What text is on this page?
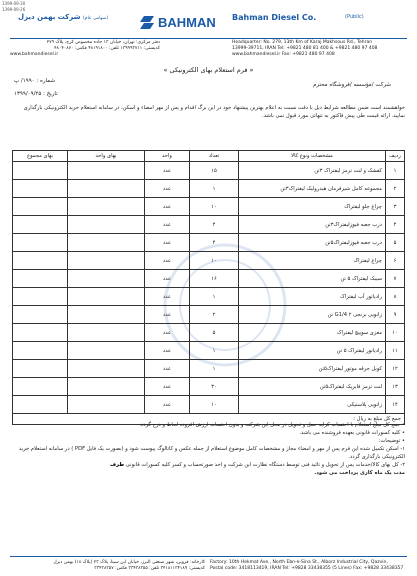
1399-09-30
1399-09-26
(سهامی عام) شرکت بهمن دیزل	BAHMAN Bahman Diesel Co.	(Public)
دفتر مرکزی: تهران، خیابان ۱۳ جاده مخصوص کرج، پلاک ۲۷۹
کدپستی: ۱۳۹۹۹۳۷۱۱ تلفن: ۴۸۱۹۱۸۰۰ فکس: ۴۸۰۴۰۸۷۰
www.bahmandiesel.ir
Headquarter: No. 279, 13th Km of Karaj Makhsous Rd., Tehran
13999-39711, IRAN Tel: +9821 480 81 400 & +9821 480 97 408
www.bahmandiesel.ir Fax: +9821 480 97 408
« فرم استعلام بهای الکترونیکی »
شرکت /مؤسسه /فروشگاه محترم
شماره : ۱۹۹۰/ پ
تاریخ : ۱۳۹۹/۰۹/۲۵
خواهشمند است ضمن مطالعه شرایط ذیل با دقت نسبت به اعلام بهترین پیشنهاد خود در این برگ اقدام و پس از مهر امضاء و اسکن، در سامانه استعلام خرید الکترونیکی بارگذاری نمایید. ارائه قیمت طی پیش فاکتور به تنهائی مورد قبول نمی باشد.
ردیف	مشخصات ونوع کالا	تعداد	واحد	بهای واحد	بهای مجموع
۱	کفشک و لنت ترمز لیفتراک ۳تن	۱۵	عدد		
۲	مجموعه کامل شیرفرمان هیدرولیک لیفتراک۳تن	۱	عدد		
۳	چراغ جلو لیفتراک	۱۰	عدد		
۴	درب جعبه فیوزلیفتراک۳تن	۴	عدد		
۵	درب جعبه فیوزلیفتراک۵تن	۴	عدد		
۶	چراغ لیفتراک	۱۰	عدد		
۷	سیبک لیفتراک ۵ تن	۱۶	عدد		
۸	رادیاتور آب لیفتراک	۱	عدد		
۹	زانویی برنجی G1/4 ۲ تن	۲	عدد		
۱۰	مغزی سوییچ لیفتراک	۵	عدد		
۱۱	رادیاتور لیفتراک ۵ تن	۱	عدد		
۱۲	کویل جرقه موتور لیفتراک۵تن	۱	عدد		
۱۳	لنت ترمز فابریک لیفتراک۵تن	۳۰	عدد		
۱۴	زانویی پلاستیکی	۱۰	عدد		
جمع کل مبلغ به ریال :					
• جمع کل مبلغ استعلام با احتساب کرایه حمل و تحویل در محل این شرکت و بدون احتساب ارزش افزوده لحاظ و درج گردد.
• کلیه کسورات قانونی بعهده فروشنده می باشد.
• توضیحات:
۱- اسکن تکمیل شده این فرم پس از مهر و امضاء مجاز و مشخصات کامل موضوع استعلام از جمله عکس و کاتالوگ پیوست شود و (بصورت یک فایل PDF ) در سامانه استعلام خرید الکترونیکی بارگذاری گردد.
۲- کل بهای کالا/خدمات پس از تحویل و تائید فنی توسط دستگاه نظارت این شرکت و اخذ صورتحساب و کسر کلیه کسورات قانونی ظرف
مدت یک ماه کاری پرداخت می شود.
کارخانه: قزوین، شهر صنعتی البرز، خیابان ابن سینا، پلاک ۲۳ (پلاک ۱۸) بهمن دیزل
کدپستی: ۳۴۱۸۱۱۳۴۱۸۹ تلفن: ۳۳۴۳۸۳۵۵ فکس: ۳۳۴۳۸۳۵۷
Factory: 10th Hekmat Ave., North Ebn-e-Sina St., Alborz Industrial City, Qazvin,
Postal code: 3418113419, IRAN Tel: +9828 33438355 (5 Lines) Fax: +9828 33438357
